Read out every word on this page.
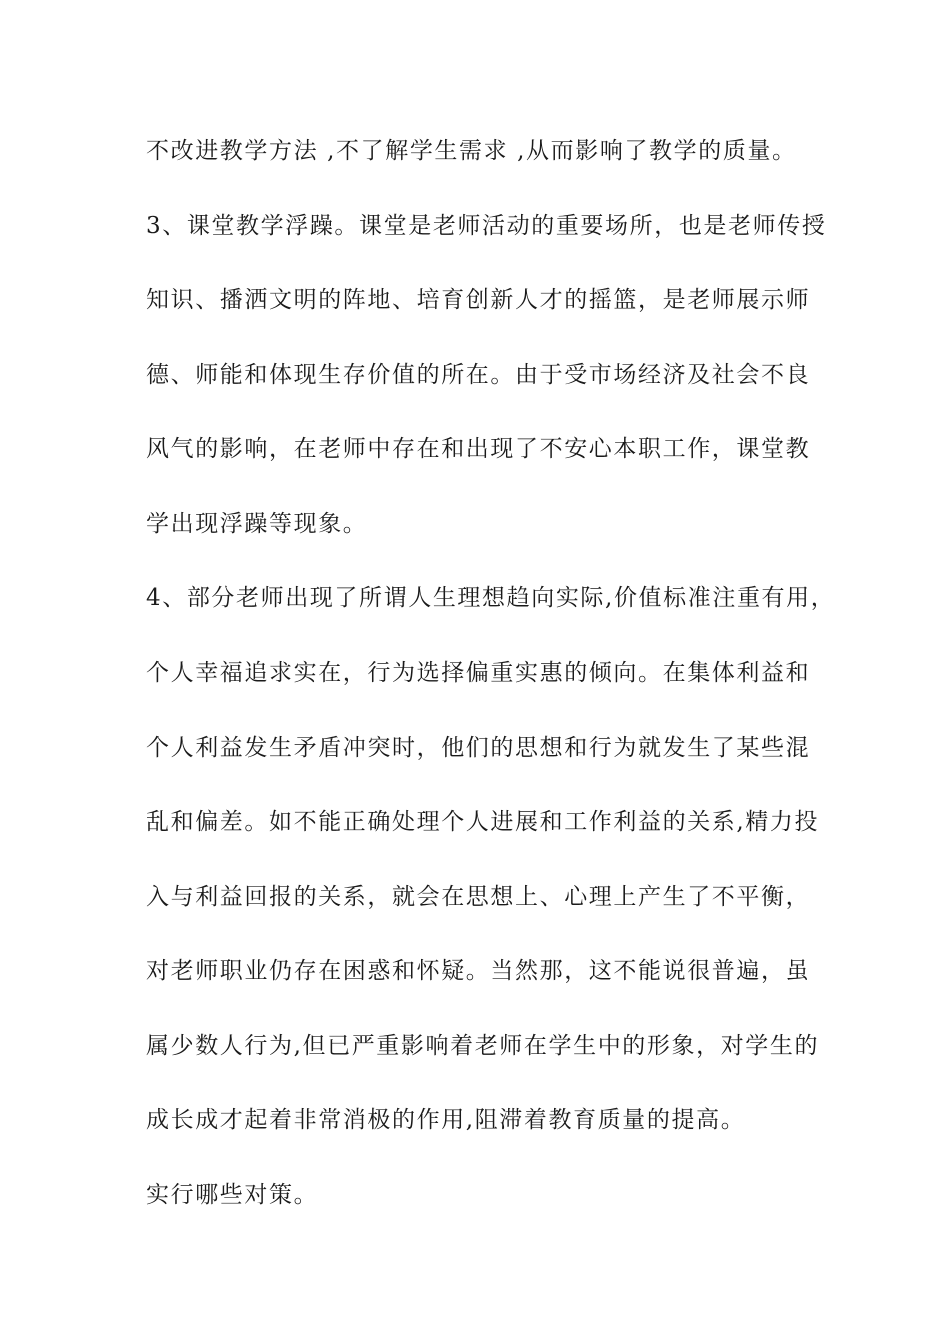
不改进教学方法 ,不了解学生需求 ,从而影响了教学的质量。
3、课堂教学浮躁。课堂是老师活动的重要场所，也是老师传授
知识、播洒文明的阵地、培育创新人才的摇篮，是老师展示师
德、师能和体现生存价值的所在。由于受市场经济及社会不良
风气的影响，在老师中存在和出现了不安心本职工作，课堂教
学出现浮躁等现象。
4、部分老师出现了所谓人生理想趋向实际,价值标准注重有用，
个人幸福追求实在，行为选择偏重实惠的倾向。在集体利益和
个人利益发生矛盾冲突时，他们的思想和行为就发生了某些混
乱和偏差。如不能正确处理个人进展和工作利益的关系,精力投
入与利益回报的关系，就会在思想上、心理上产生了不平衡，
对老师职业仍存在困惑和怀疑。当然那，这不能说很普遍，虽
属少数人行为,但已严重影响着老师在学生中的形象，对学生的
成长成才起着非常消极的作用,阻滞着教育质量的提高。
实行哪些对策。
